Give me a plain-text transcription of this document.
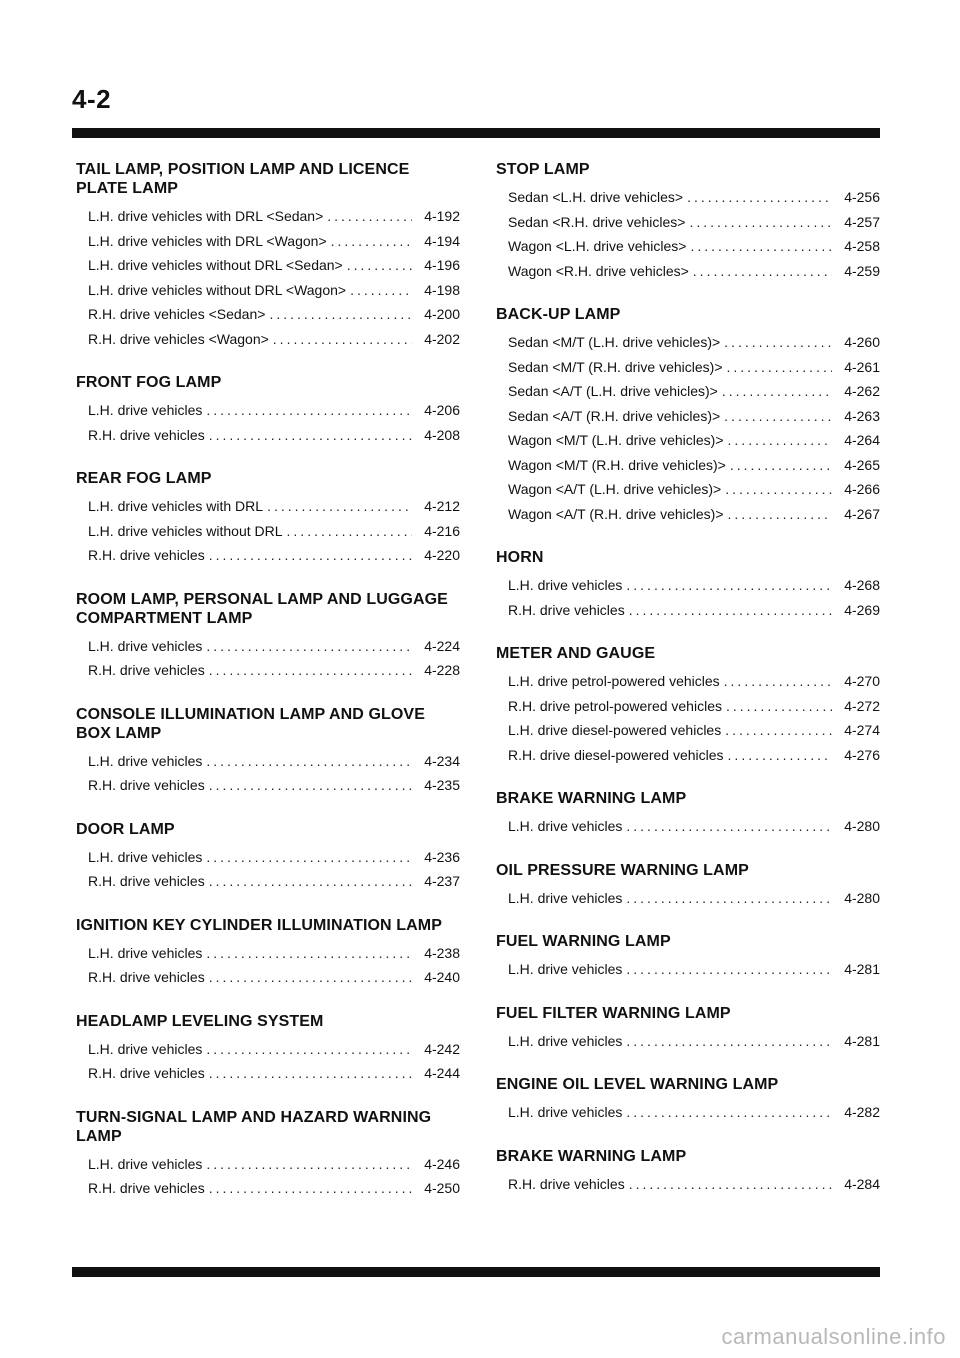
4-2
TAIL LAMP, POSITION LAMP AND LICENCE PLATE LAMP
L.H. drive vehicles with DRL <Sedan> .....	4-192
L.H. drive vehicles with DRL <Wagon> .....	4-194
L.H. drive vehicles without DRL <Sedan> .....	4-196
L.H. drive vehicles without DRL <Wagon> .....	4-198
R.H. drive vehicles <Sedan> .....	4-200
R.H. drive vehicles <Wagon> .....	4-202
FRONT FOG LAMP
L.H. drive vehicles .....	4-206
R.H. drive vehicles .....	4-208
REAR FOG LAMP
L.H. drive vehicles with DRL .....	4-212
L.H. drive vehicles without DRL .....	4-216
R.H. drive vehicles .....	4-220
ROOM LAMP, PERSONAL LAMP AND LUGGAGE COMPARTMENT LAMP
L.H. drive vehicles .....	4-224
R.H. drive vehicles .....	4-228
CONSOLE ILLUMINATION LAMP AND GLOVE BOX LAMP
L.H. drive vehicles .....	4-234
R.H. drive vehicles .....	4-235
DOOR LAMP
L.H. drive vehicles .....	4-236
R.H. drive vehicles .....	4-237
IGNITION KEY CYLINDER ILLUMINATION LAMP
L.H. drive vehicles .....	4-238
R.H. drive vehicles .....	4-240
HEADLAMP LEVELING SYSTEM
L.H. drive vehicles .....	4-242
R.H. drive vehicles .....	4-244
TURN-SIGNAL LAMP AND HAZARD WARNING LAMP
L.H. drive vehicles .....	4-246
R.H. drive vehicles .....	4-250
STOP LAMP
Sedan <L.H. drive vehicles> .....	4-256
Sedan <R.H. drive vehicles> .....	4-257
Wagon <L.H. drive vehicles> .....	4-258
Wagon <R.H. drive vehicles> .....	4-259
BACK-UP LAMP
Sedan <M/T (L.H. drive vehicles)> .....	4-260
Sedan <M/T (R.H. drive vehicles)> .....	4-261
Sedan <A/T (L.H. drive vehicles)> .....	4-262
Sedan <A/T (R.H. drive vehicles)> .....	4-263
Wagon <M/T (L.H. drive vehicles)> .....	4-264
Wagon <M/T (R.H. drive vehicles)> .....	4-265
Wagon <A/T (L.H. drive vehicles)> .....	4-266
Wagon <A/T (R.H. drive vehicles)> .....	4-267
HORN
L.H. drive vehicles .....	4-268
R.H. drive vehicles .....	4-269
METER AND GAUGE
L.H. drive petrol-powered vehicles .....	4-270
R.H. drive petrol-powered vehicles .....	4-272
L.H. drive diesel-powered vehicles .....	4-274
R.H. drive diesel-powered vehicles .....	4-276
BRAKE WARNING LAMP
L.H. drive vehicles .....	4-280
OIL PRESSURE WARNING LAMP
L.H. drive vehicles .....	4-280
FUEL WARNING LAMP
L.H. drive vehicles .....	4-281
FUEL FILTER WARNING LAMP
L.H. drive vehicles .....	4-281
ENGINE OIL LEVEL WARNING LAMP
L.H. drive vehicles .....	4-282
BRAKE WARNING LAMP
R.H. drive vehicles .....	4-284
carmanualsonline.info
